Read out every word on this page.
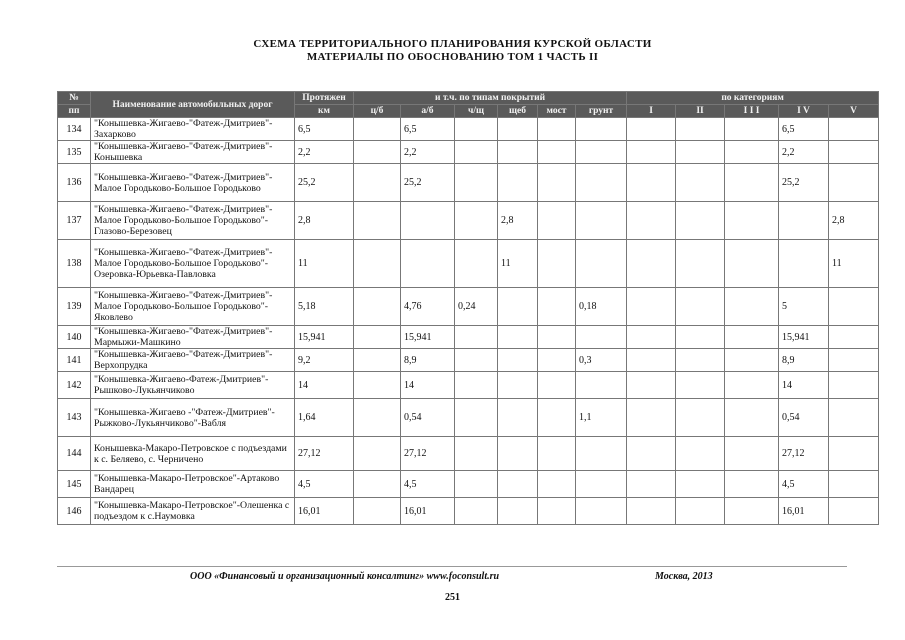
СХЕМА ТЕРРИТОРИАЛЬНОГО ПЛАНИРОВАНИЯ КУРСКОЙ ОБЛАСТИ
МАТЕРИАЛЫ ПО ОБОСНОВАНИЮ ТОМ 1 ЧАСТЬ II
№	Наименование автомобильных дорог	Протяжен	и т.ч. по типам покрытий						по категориям				
пп		км	ц/б	а/б	ч/щ	щеб	мост	грунт	I	II	I I I	I V	V
134	"Конышевка-Жигаево-"Фатеж-Дмитриев"-Захарково	6,5		6,5								6,5	
135	"Конышевка-Жигаево-"Фатеж-Дмитриев"-Конышевка	2,2		2,2								2,2	
136	"Конышевка-Жигаево-"Фатеж-Дмитриев"-Малое Городьково-Большое Городьково	25,2		25,2								25,2	
137	"Конышевка-Жигаево-"Фатеж-Дмитриев"-Малое Городьково-Большое Городьково"-Глазово-Березовец	2,8				2,8							2,8
138	"Конышевка-Жигаево-"Фатеж-Дмитриев"-Малое Городьково-Большое Городьково"-Озеровка-Юрьевка-Павловка	11				11							11
139	"Конышевка-Жигаево-"Фатеж-Дмитриев"-Малое Городьково-Большое Городьково"-Яковлево	5,18		4,76	0,24			0,18				5	
140	"Конышевка-Жигаево-"Фатеж-Дмитриев"-Мармыжи-Машкино	15,941		15,941								15,941	
141	"Конышевка-Жигаево-"Фатеж-Дмитриев"-Верхопрудка	9,2		8,9				0,3				8,9	
142	"Конышевка-Жигаево-Фатеж-Дмитриев"-Рышково-Лукьянчиково	14		14								14	
143	"Конышевка-Жигаево -"Фатеж-Дмитриев"- Рыжково-Лукьянчиково"-Вабля	1,64		0,54				1,1				0,54	
144	Конышевка-Макаро-Петровское с подъездами к с. Беляево, с. Черничено	27,12		27,12								27,12	
145	"Конышевка-Макаро-Петровское"-Артаково Вандарец	4,5		4,5								4,5	
146	"Конышевка-Макаро-Петровское"-Олешенка с подъездом к с.Наумовка	16,01		16,01								16,01	
ООО «Финансовый и организационный консалтинг» www.foconsult.ru	Москва, 2013
251
